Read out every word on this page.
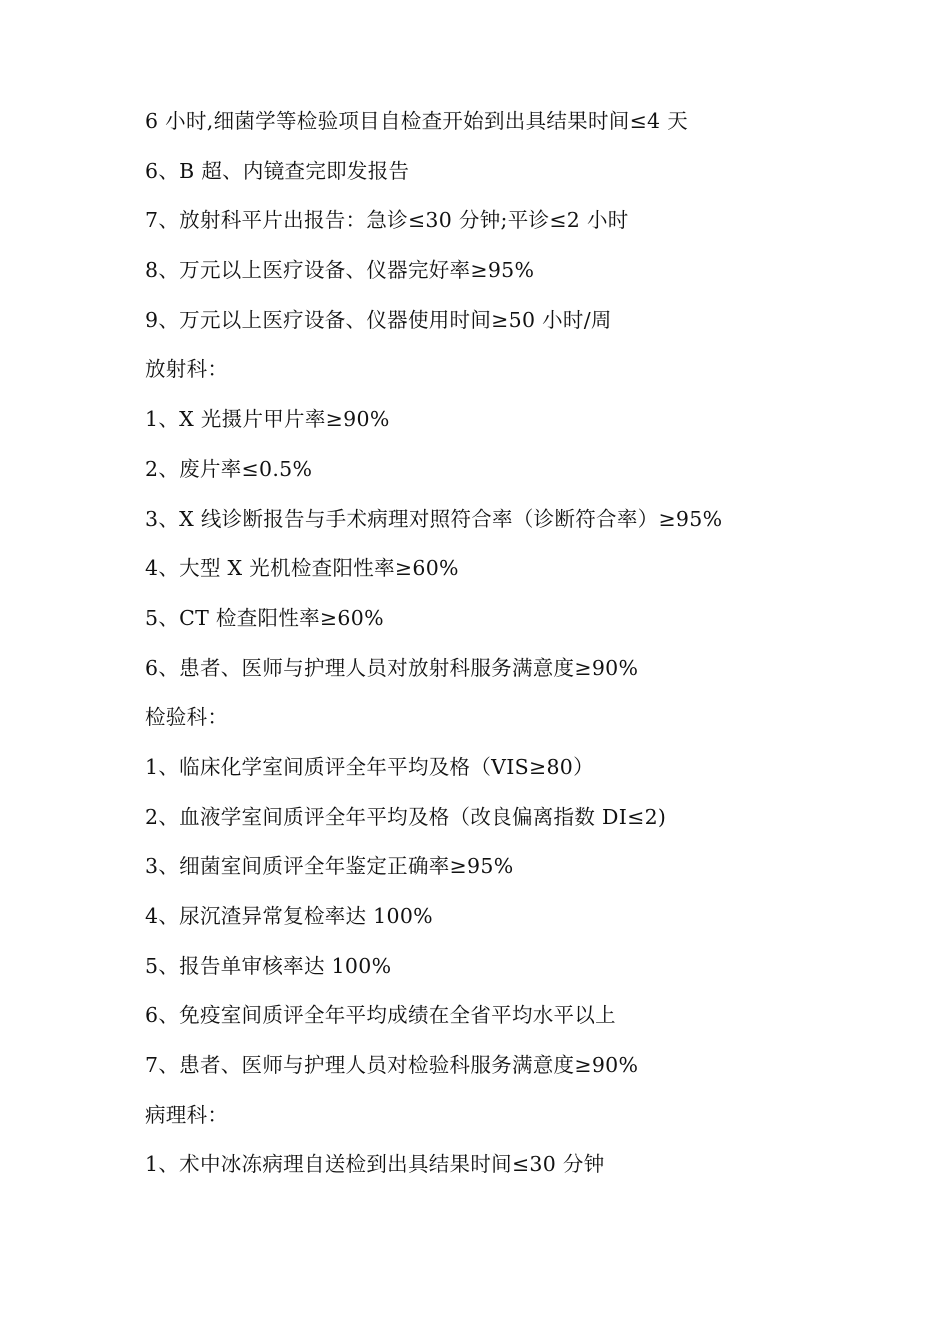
6 小时,细菌学等检验项目自检查开始到出具结果时间≤4 天
6、B 超、内镜查完即发报告
7、放射科平片出报告：急诊≤30 分钟;平诊≤2 小时
8、万元以上医疗设备、仪器完好率≥95%
9、万元以上医疗设备、仪器使用时间≥50 小时/周
放射科：
1、X 光摄片甲片率≥90%
2、废片率≤0.5%
3、X 线诊断报告与手术病理对照符合率（诊断符合率）≥95%
4、大型 X 光机检查阳性率≥60%
5、CT 检查阳性率≥60%
6、患者、医师与护理人员对放射科服务满意度≥90%
检验科：
1、临床化学室间质评全年平均及格（VIS≥80）
2、血液学室间质评全年平均及格（改良偏离指数 DI≤2)
3、细菌室间质评全年鉴定正确率≥95%
4、尿沉渣异常复检率达 100%
5、报告单审核率达 100%
6、免疫室间质评全年平均成绩在全省平均水平以上
7、患者、医师与护理人员对检验科服务满意度≥90%
病理科：
1、术中冰冻病理自送检到出具结果时间≤30 分钟
